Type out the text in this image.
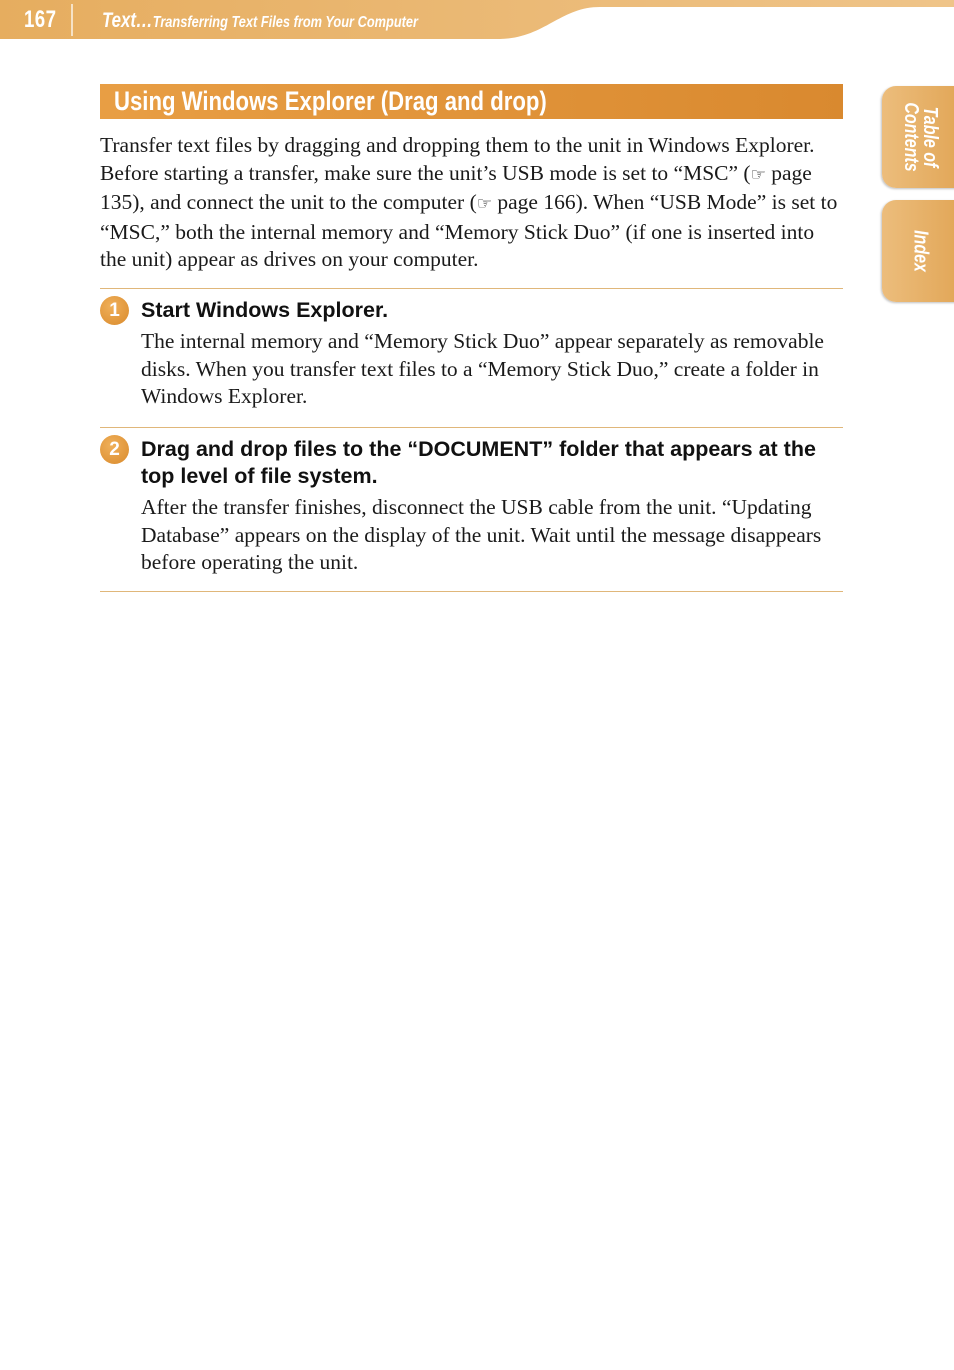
167 Text…Transferring Text Files from Your Computer
Table of
Contents
Index
Using Windows Explorer (Drag and drop)

Transfer text files by dragging and dropping them to the unit in Windows Explorer. Before starting a transfer, make sure the unit’s USB mode is set to “MSC” (☞ page 135), and connect the unit to the computer (☞ page 166). When “USB Mode” is set to “MSC,” both the internal memory and “Memory Stick Duo” (if one is inserted into the unit) appear as drives on your computer.

1 Start Windows Explorer.

The internal memory and “Memory Stick Duo” appear separately as removable disks. When you transfer text files to a “Memory Stick Duo,” create a folder in Windows Explorer.

2 Drag and drop files to the “DOCUMENT” folder that appears at the top level of file system.

After the transfer finishes, disconnect the USB cable from the unit. “Updating Database” appears on the display of the unit. Wait until the message disappears before operating the unit.
